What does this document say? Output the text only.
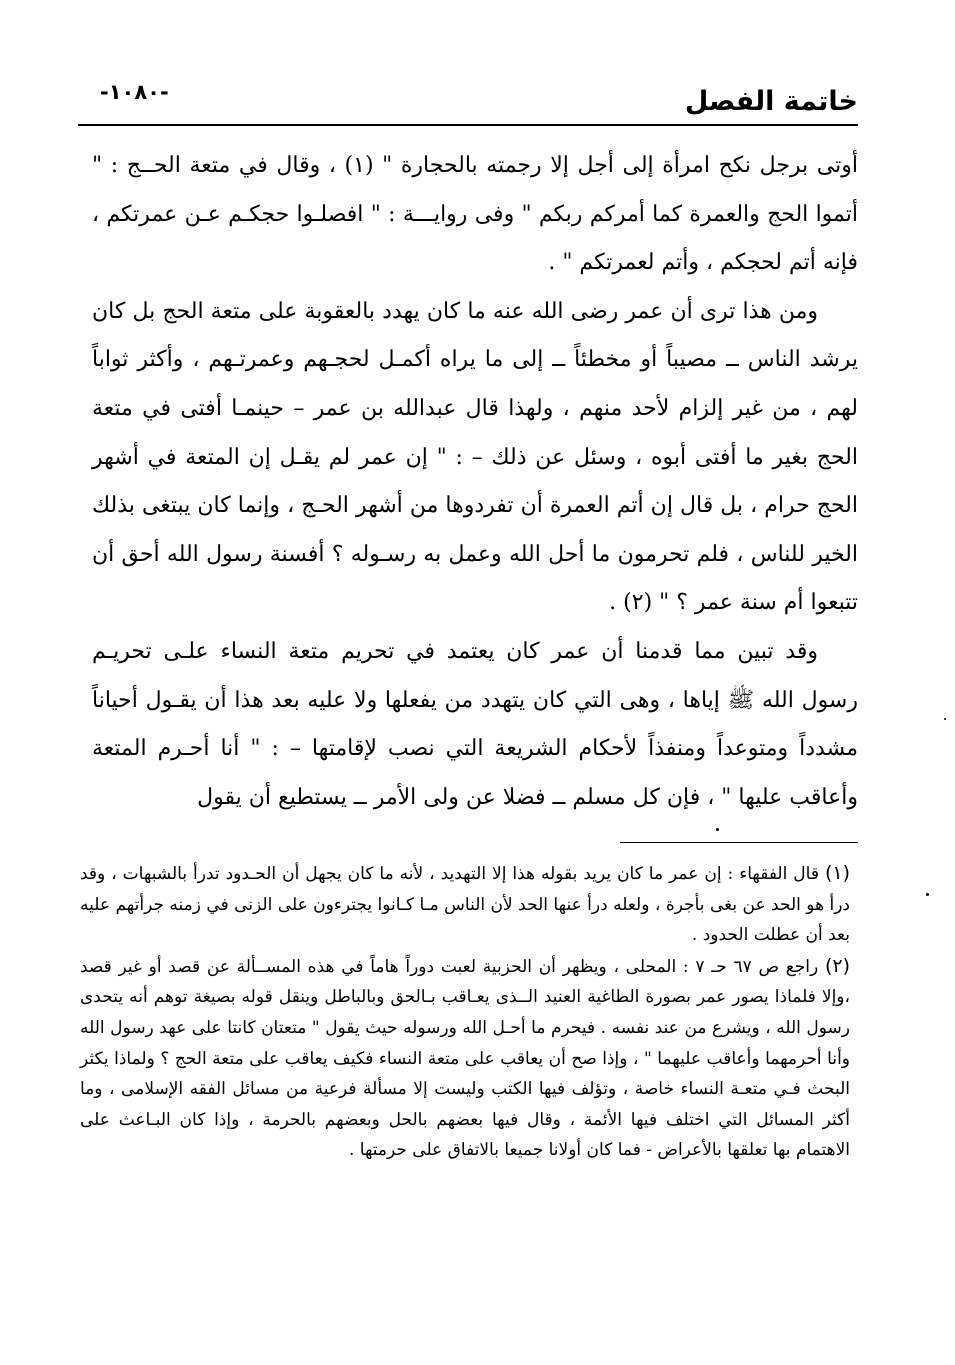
خاتمة الفصل
-١٠٨٠-

أوتى برجل نكح امرأة إلى أجل إلا رجمته بالحجارة " (١) ، وقال في متعة الحــج : " أتموا الحج والعمرة كما أمركم ربكم " وفى روايـــة : " افصلـوا حجكـم عـن عمرتكم ، فإنه أتم لحجكم ، وأتم لعمرتكم " .

ومن هذا ترى أن عمر رضى الله عنه ما كان يهدد بالعقوبة على متعة الحج بل كان يرشد الناس ــ مصيباً أو مخطئاً ــ إلى ما يراه أكمـل لحجـهم وعمرتـهم ، وأكثر ثواباً لهم ، من غير إلزام لأحد منهم ، ولهذا قال عبدالله بن عمر – حينمـا أفتى في متعة الحج بغير ما أفتى أبوه ، وسئل عن ذلك – : " إن عمر لم يقـل إن المتعة في أشهر الحج حرام ، بل قال إن أتم العمرة أن تفردوها من أشهر الحـج ، وإنما كان يبتغى بذلك الخير للناس ، فلم تحرمون ما أحل الله وعمل به رسـوله ؟ أفسنة رسول الله أحق أن تتبعوا أم سنة عمر ؟ " (٢) .

وقد تبين مما قدمنا أن عمر كان يعتمد في تحريم متعة النساء علـى تحريـم رسول الله ﷺ إياها ، وهى التي كان يتهدد من يفعلها ولا عليه بعد هذا أن يقـول أحياناً مشدداً ومتوعداً ومنفذاً لأحكام الشريعة التي نصب لإقامتها – : " أنا أحـرم المتعة وأعاقب عليها " ، فإن كل مسلم ــ فضلا عن ولى الأمر ــ يستطيع أن يقول

(١) قال الفقهاء : إن عمر ما كان يريد بقوله هذا إلا التهديد ، لأنه ما كان يجهل أن الحـدود تدرأ بالشبهات ، وقد درأ هو الحد عن بغى بأجرة ، ولعله درأ عنها الحد لأن الناس مـا كـانوا يجترءون على الزنى في زمنه جرأتهم عليه بعد أن عطلت الحدود .

(٢) راجع ص ٦٧ حـ ٧ : المحلى ، ويظهر أن الحزبية لعبت دوراً هاماً في هذه المســألة عن قصد أو غير قصد ،وإلا فلماذا يصور عمر بصورة الطاغية العنيد الــذى يعـاقب بـالحق وبالباطل وينقل قوله بصيغة توهم أنه يتحدى رسول الله ، ويشرع من عند نفسه . فيحرم ما أحـل الله ورسوله حيث يقول " متعتان كانتا على عهد رسول الله وأنا أحرمهما وأعاقب عليهما " ، وإذا صح أن يعاقب على متعة النساء فكيف يعاقب على متعة الحج ؟ ولماذا يكثر البحث فـي متعـة النساء خاصة ، وتؤلف فيها الكتب وليست إلا مسألة فرعية من مسائل الفقه الإسلامى ، وما أكثر المسائل التي اختلف فيها الأئمة ، وقال فيها بعضهم بالحل وبعضهم بالحرمة ، وإذا كان البـاعث على الاهتمام بها تعلقها بالأعراض - فما كان أولانا جميعا بالاتفاق على حرمتها .
